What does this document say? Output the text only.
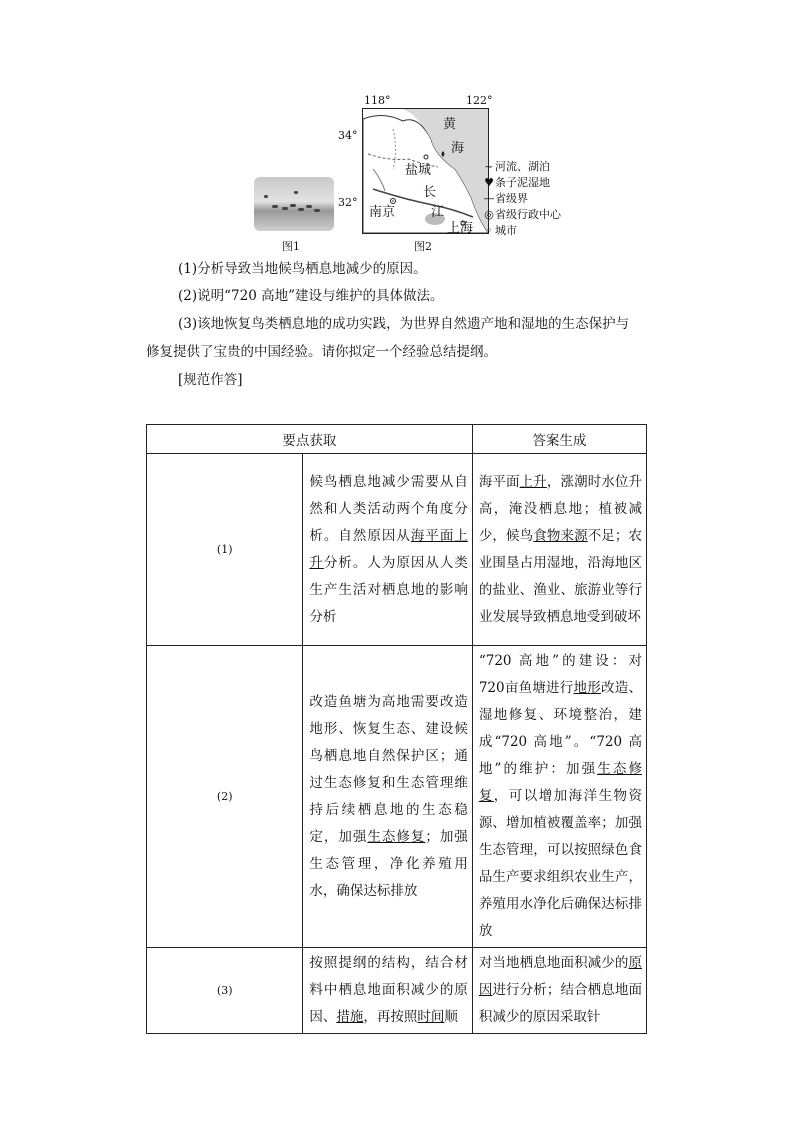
图1
118°	122°
34°
32°
黄
海
盐城
长
江
南京
上海
图2
~河流、湖泊
♥条子泥湿地
—省级界
◎省级行政中心
◦ 城市
(1)分析导致当地候鸟栖息地减少的原因。
(2)说明“720 高地”建设与维护的具体做法。
(3)该地恢复鸟类栖息地的成功实践，为世界自然遗产地和湿地的生态保护与
修复提供了宝贵的中国经验。请你拟定一个经验总结提纲。
[规范作答]
要点获取		答案生成
(1)	候鸟栖息地减少需要从自然和人类活动两个角度分析。自然原因从海平面上升分析。人为原因从人类生产生活对栖息地的影响分析	海平面上升，涨潮时水位升高，淹没栖息地；植被减少，候鸟食物来源不足；农业围垦占用湿地，沿海地区的盐业、渔业、旅游业等行业发展导致栖息地受到破坏
(2)	改造鱼塘为高地需要改造地形、恢复生态、建设候鸟栖息地自然保护区；通过生态修复和生态管理维持后续栖息地的生态稳定，加强生态修复；加强生态管理，净化养殖用水，确保达标排放	“720 高地”的建设：对720亩鱼塘进行地形改造、湿地修复、环境整治，建成“720 高地”。“720 高地”的维护：加强生态修复，可以增加海洋生物资源、增加植被覆盖率；加强生态管理，可以按照绿色食品生产要求组织农业生产，养殖用水净化后确保达标排放
(3)	按照提纲的结构，结合材料中栖息地面积减少的原因、措施，再按照时间顺	对当地栖息地面积减少的原因进行分析；结合栖息地面积减少的原因采取针
